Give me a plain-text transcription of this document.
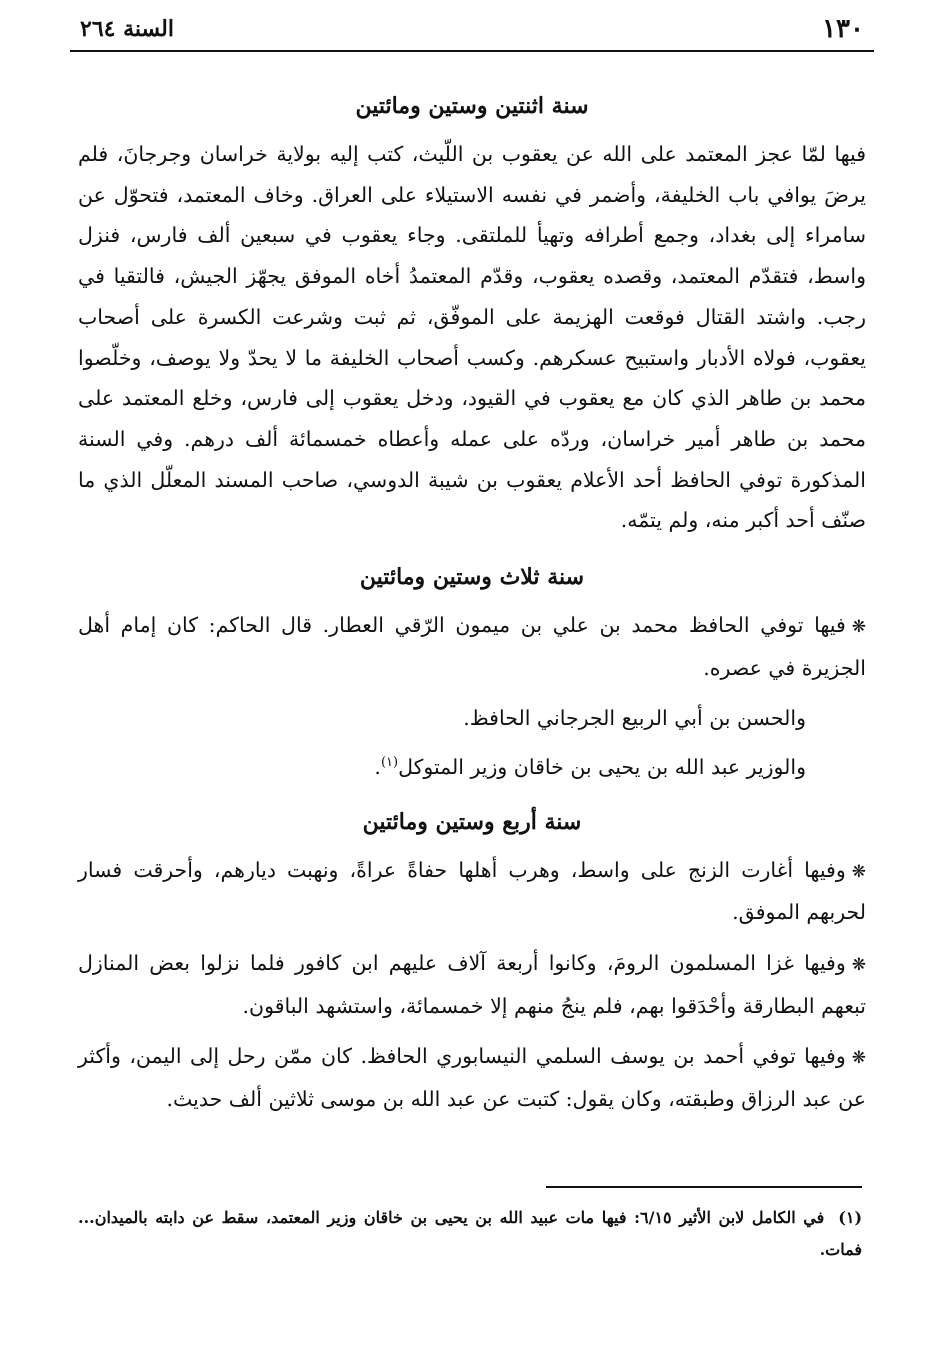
١٣٠
السنة ٢٦٤
سنة اثنتين وستين ومائتين

فيها لمّا عجز المعتمد على الله عن يعقوب بن اللّيث، كتب إليه بولاية خراسان وجرجانَ، فلم يرضَ يوافي باب الخليفة، وأضمر في نفسه الاستيلاء على العراق. وخاف المعتمد، فتحوّل عن سامراء إلى بغداد، وجمع أطرافه وتهيأ للملتقى. وجاء يعقوب في سبعين ألف فارس، فنزل واسط، فتقدّم المعتمد، وقصده يعقوب، وقدّم المعتمدُ أخاه الموفق يجهّز الجيش، فالتقيا في رجب. واشتد القتال فوقعت الهزيمة على الموفّق، ثم ثبت وشرعت الكسرة على أصحاب يعقوب، فولاه الأدبار واستبيح عسكرهم. وكسب أصحاب الخليفة ما لا يحدّ ولا يوصف، وخلّصوا محمد بن طاهر الذي كان مع يعقوب في القيود، ودخل يعقوب إلى فارس، وخلع المعتمد على محمد بن طاهر أمير خراسان، وردّه على عمله وأعطاه خمسمائة ألف درهم. وفي السنة المذكورة توفي الحافظ أحد الأعلام يعقوب بن شيبة الدوسي، صاحب المسند المعلّل الذي ما صنّف أحد أكبر منه، ولم يتمّه.

سنة ثلاث وستين ومائتين

❋فيها توفي الحافظ محمد بن علي بن ميمون الرّقي العطار. قال الحاكم: كان إمام أهل الجزيرة في عصره.

والحسن بن أبي الربيع الجرجاني الحافظ.

والوزير عبد الله بن يحيى بن خاقان وزير المتوكل$^{(١)}$.

سنة أربع وستين ومائتين

❋وفيها أغارت الزنج على واسط، وهرب أهلها حفاةً عراةً، ونهبت ديارهم، وأحرقت فسار لحربهم الموفق.

❋وفيها غزا المسلمون الرومَ، وكانوا أربعة آلاف عليهم ابن كافور فلما نزلوا بعض المنازل تبعهم البطارقة وأحْدَقوا بهم، فلم ينجُ منهم إلا خمسمائة، واستشهد الباقون.

❋وفيها توفي أحمد بن يوسف السلمي النيسابوري الحافظ. كان ممّن رحل إلى اليمن، وأكثر عن عبد الرزاق وطبقته، وكان يقول: كتبت عن عبد الله بن موسى ثلاثين ألف حديث.

(١)في الكامل لابن الأثير ٦/١٥: فيها مات عبيد الله بن يحيى بن خاقان وزير المعتمد، سقط عن دابته بالميدان... فمات.
